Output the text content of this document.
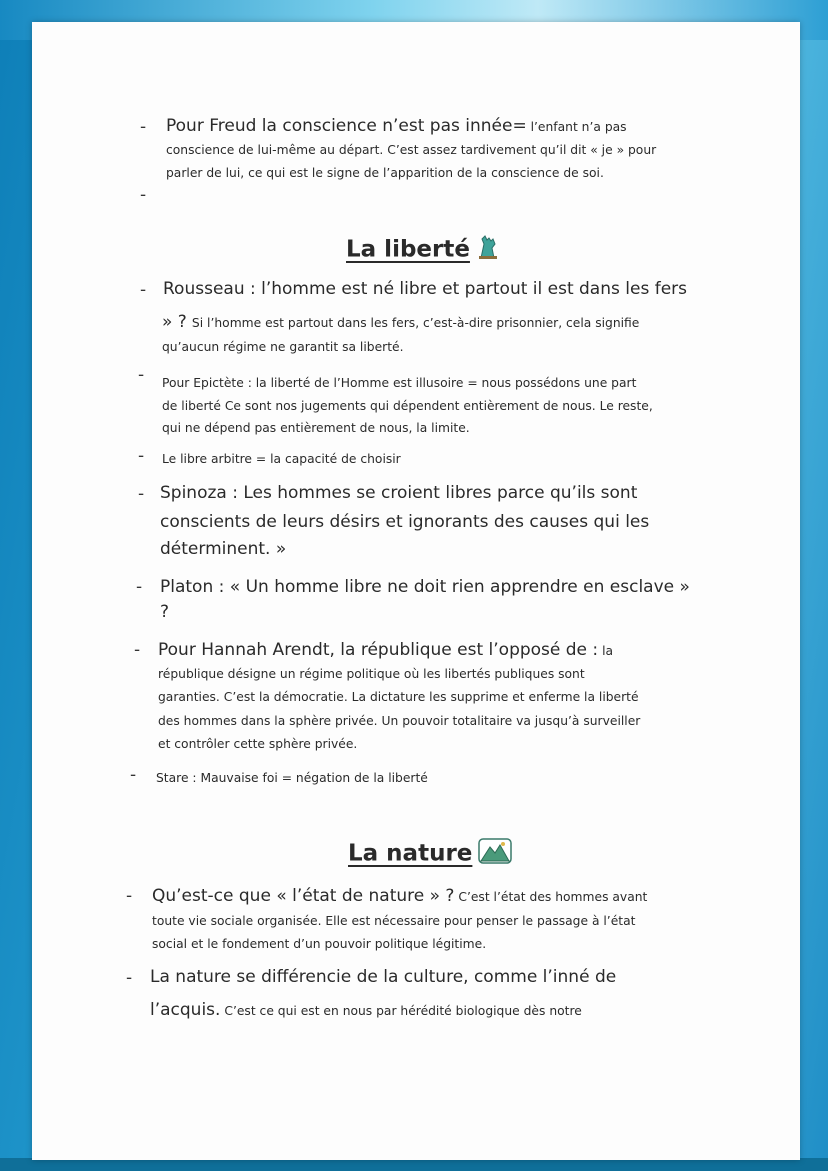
- Pour Freud la conscience n’est pas innée= l’enfant n’a pas
conscience de lui-même au départ. C’est assez tardivement qu’il dit « je » pour
parler de lui, ce qui est le signe de l’apparition de la conscience de soi.
-
La liberté
- Rousseau : l’homme est né libre et partout il est dans les fers
» ? Si l’homme est partout dans les fers, c’est-à-dire prisonnier, cela signifie
qu’aucun régime ne garantit sa liberté.
- Pour Epictète : la liberté de l’Homme est illusoire = nous possédons une part
de liberté Ce sont nos jugements qui dépendent entièrement de nous. Le reste,
qui ne dépend pas entièrement de nous, la limite.
- Le libre arbitre = la capacité de choisir
- Spinoza : Les hommes se croient libres parce qu’ils sont
conscients de leurs désirs et ignorants des causes qui les
déterminent. »
- Platon : « Un homme libre ne doit rien apprendre en esclave »
?
- Pour Hannah Arendt, la république est l’opposé de : la
république désigne un régime politique où les libertés publiques sont
garanties. C’est la démocratie. La dictature les supprime et enferme la liberté
des hommes dans la sphère privée. Un pouvoir totalitaire va jusqu’à surveiller
et contrôler cette sphère privée.
- Stare : Mauvaise foi = négation de la liberté
La nature
- Qu’est-ce que « l’état de nature » ? C’est l’état des hommes avant
toute vie sociale organisée. Elle est nécessaire pour penser le passage à l’état
social et le fondement d’un pouvoir politique légitime.
- La nature se différencie de la culture, comme l’inné de
l’acquis. C’est ce qui est en nous par hérédité biologique dès notre
